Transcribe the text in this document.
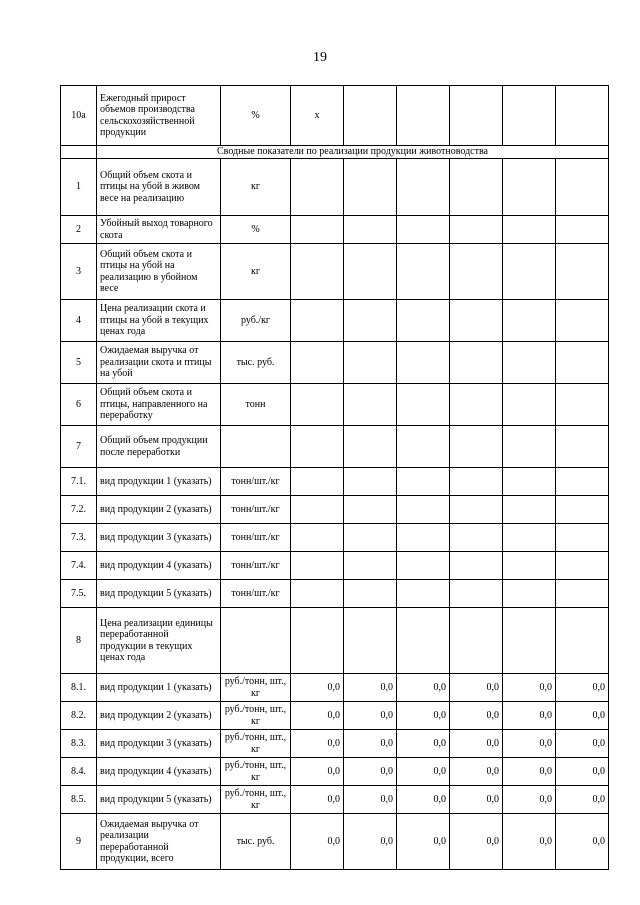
19
10а	Ежегодный прирост объемов производства сельскохозяйственной продукции	%	х					
	Сводные показатели по реализации продукции животноводства							
1	Общий объем скота и птицы на убой в живом весе на реализацию	кг						
2	Убойный выход товарного скота	%						
3	Общий объем скота и птицы на убой на реализацию в убойном весе	кг						
4	Цена реализации скота и птицы на убой в текущих ценах года	руб./кг						
5	Ожидаемая выручка от реализации скота и птицы на убой	тыс. руб.						
6	Общий объем скота и птицы, направленного на переработку	тонн						
7	Общий объем продукции после переработки							
7.1.	вид продукции 1 (указать)	тонн/шт./кг						
7.2.	вид продукции 2 (указать)	тонн/шт./кг						
7.3.	вид продукции 3 (указать)	тонн/шт./кг						
7.4.	вид продукции 4 (указать)	тонн/шт./кг						
7.5.	вид продукции 5 (указать)	тонн/шт./кг						
8	Цена реализации единицы переработанной продукции в текущих ценах года							
8.1.	вид продукции 1 (указать)	руб./тонн, шт., кг	0,0	0,0	0,0	0,0	0,0	0,0
8.2.	вид продукции 2 (указать)	руб./тонн, шт., кг	0,0	0,0	0,0	0,0	0,0	0,0
8.3.	вид продукции 3 (указать)	руб./тонн, шт., кг	0,0	0,0	0,0	0,0	0,0	0,0
8.4.	вид продукции 4 (указать)	руб./тонн, шт., кг	0,0	0,0	0,0	0,0	0,0	0,0
8.5.	вид продукции 5 (указать)	руб./тонн, шт., кг	0,0	0,0	0,0	0,0	0,0	0,0
9	Ожидаемая выручка от реализации переработанной продукции, всего	тыс. руб.	0,0	0,0	0,0	0,0	0,0	0,0
